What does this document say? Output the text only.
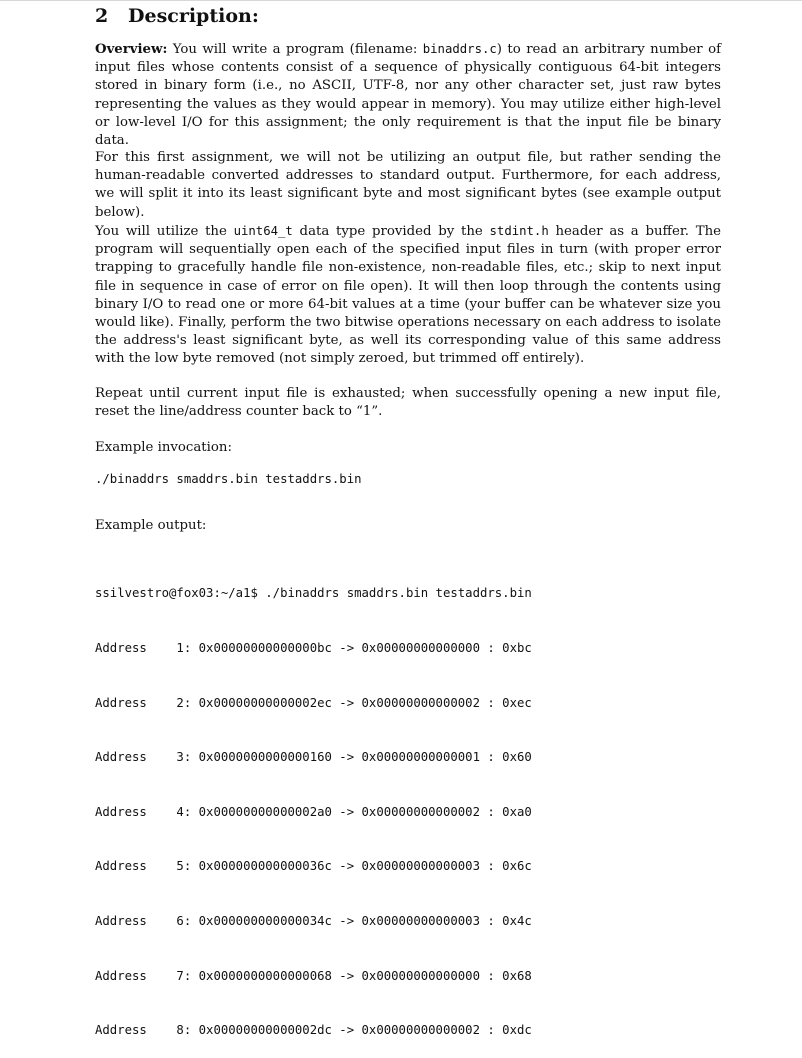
2 Description:

Overview: You will write a program (filename: binaddrs.c) to read an arbitrary number of input files whose contents consist of a sequence of physically contiguous 64-bit integers stored in binary form (i.e., no ASCII, UTF-8, nor any other character set, just raw bytes representing the values as they would appear in memory). You may utilize either high-level or low-level I/O for this assignment; the only requirement is that the input file be binary data.

For this first assignment, we will not be utilizing an output file, but rather sending the human-readable converted addresses to standard output. Furthermore, for each address, we will split it into its least significant byte and most significant bytes (see example output below).

You will utilize the uint64_t data type provided by the stdint.h header as a buffer. The program will sequentially open each of the specified input files in turn (with proper error trapping to gracefully handle file non-existence, non-readable files, etc.; skip to next input file in sequence in case of error on file open). It will then loop through the contents using binary I/O to read one or more 64-bit values at a time (your buffer can be whatever size you would like). Finally, perform the two bitwise operations necessary on each address to isolate the address's least significant byte, as well its corresponding value of this same address with the low byte removed (not simply zeroed, but trimmed off entirely).

Repeat until current input file is exhausted; when successfully opening a new input file, reset the line/address counter back to “1”.

Example invocation:
./binaddrs smaddrs.bin testaddrs.bin
Example output:

ssilvestro@fox03:~/a1$ ./binaddrs smaddrs.bin testaddrs.bin

Address    1: 0x00000000000000bc -> 0x00000000000000 : 0xbc

Address    2: 0x00000000000002ec -> 0x00000000000002 : 0xec

Address    3: 0x0000000000000160 -> 0x00000000000001 : 0x60

Address    4: 0x00000000000002a0 -> 0x00000000000002 : 0xa0

Address    5: 0x000000000000036c -> 0x00000000000003 : 0x6c

Address    6: 0x000000000000034c -> 0x00000000000003 : 0x4c

Address    7: 0x0000000000000068 -> 0x00000000000000 : 0x68

Address    8: 0x00000000000002dc -> 0x00000000000002 : 0xdc
